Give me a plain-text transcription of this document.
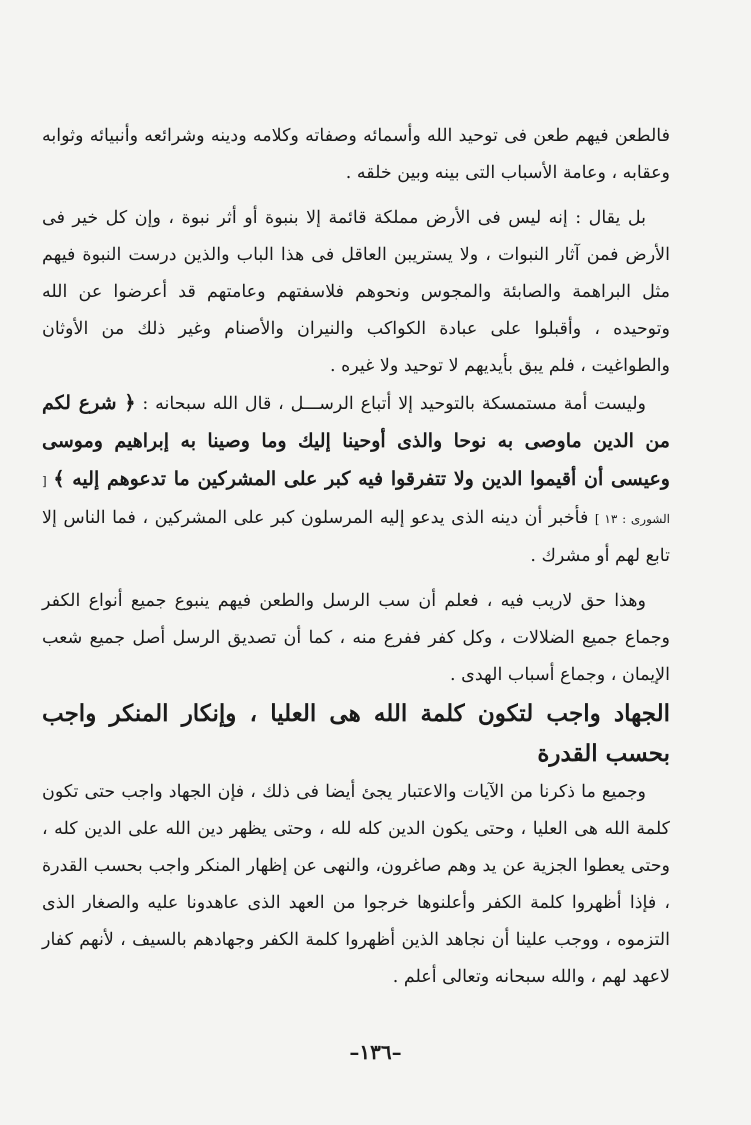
فالطعن فيهم طعن فى توحيد الله وأسمائه وصفاته وكلامه ودينه وشرائعه وأنبيائه وثوابه وعقابه ، وعامة الأسباب التى بينه وبين خلقه .

بل يقال : إنه ليس فى الأرض مملكة قائمة إلا بنبوة أو أثر نبوة ، وإن كل خير فى الأرض فمن آثار النبوات ، ولا يستريبن العاقل فى هذا الباب والذين درست النبوة فيهم مثل البراهمة والصابئة والمجوس ونحوهم فلاسفتهم وعامتهم قد أعرضوا عن الله وتوحيده ، وأقبلوا على عبادة الكواكب والنيران والأصنام وغير ذلك من الأوثان والطواغيت ، فلم يبق بأيديهم لا توحيد ولا غيره .

وليست أمة مستمسكة بالتوحيد إلا أتباع الرســـل ، قال الله سبحانه : ﴿ شرع لكم من الدين ماوصى به نوحا والذى أوحينا إليك وما وصينا به إبراهيم وموسى وعيسى أن أقيموا الدين ولا تتفرقوا فيه كبر على المشركين ما تدعوهم إليه ﴾ [ الشورى : ١٣ ] فأخبر أن دينه الذى يدعو إليه المرسلون كبر على المشركين ، فما الناس إلا تابع لهم أو مشرك .

وهذا حق لاريب فيه ، فعلم أن سب الرسل والطعن فيهم ينبوع جميع أنواع الكفر وجماع جميع الضلالات ، وكل كفر ففرع منه ، كما أن تصديق الرسل أصل جميع شعب الإيمان ، وجماع أسباب الهدى .

الجهاد واجب لتكون كلمة الله هى العليا ، وإنكار المنكر واجب بحسب القدرة

وجميع ما ذكرنا من الآيات والاعتبار يجئ أيضا فى ذلك ، فإن الجهاد واجب حتى تكون كلمة الله هى العليا ، وحتى يكون الدين كله لله ، وحتى يظهر دين الله على الدين كله ، وحتى يعطوا الجزية عن يد وهم صاغرون، والنهى عن إظهار المنكر واجب بحسب القدرة ، فإذا أظهروا كلمة الكفر وأعلنوها خرجوا من العهد الذى عاهدونا عليه والصغار الذى التزموه ، ووجب علينا أن نجاهد الذين أظهروا كلمة الكفر وجهادهم بالسيف ، لأنهم كفار لاعهد لهم ، والله سبحانه وتعالى أعلم .

–١٣٦–
